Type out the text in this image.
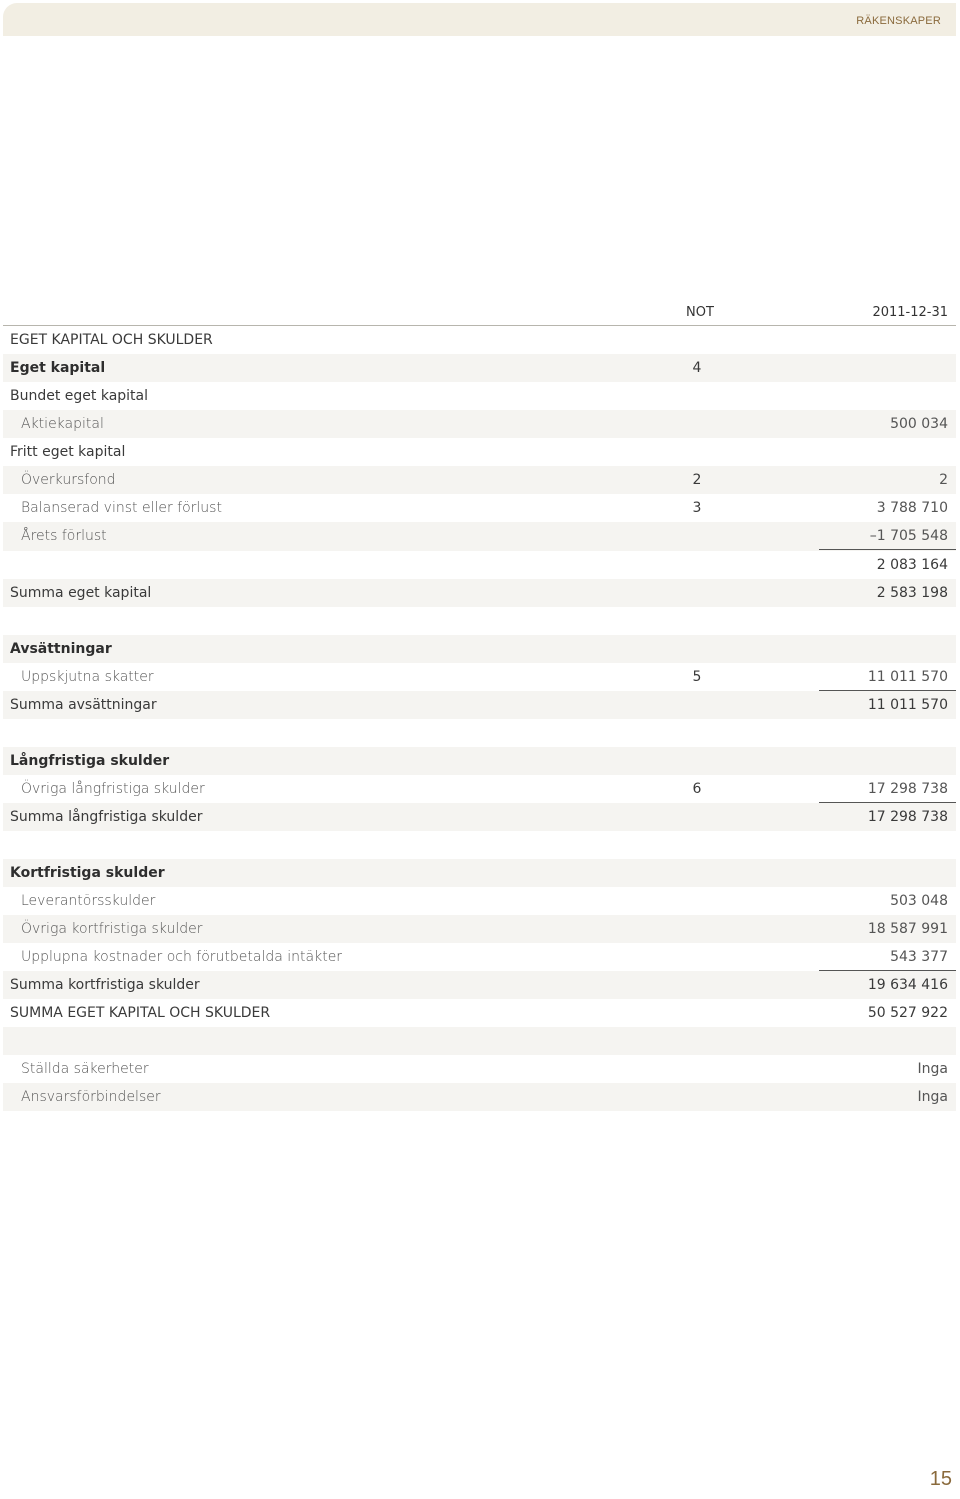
RÄKENSKAPER
NOT	2011-12-31
EGET KAPITAL OCH SKULDER
Eget kapital	4
Bundet eget kapital
Aktiekapital	500 034
Fritt eget kapital
Överkursfond	2	2
Balanserad vinst eller förlust	3	3 788 710
Årets förlust	–1 705 548
2 083 164
Summa eget kapital	2 583 198
Avsättningar
Uppskjutna skatter	5	11 011 570
Summa avsättningar	11 011 570
Långfristiga skulder
Övriga långfristiga skulder	6	17 298 738
Summa långfristiga skulder	17 298 738
Kortfristiga skulder
Leverantörsskulder	503 048
Övriga kortfristiga skulder	18 587 991
Upplupna kostnader och förutbetalda intäkter	543 377
Summa kortfristiga skulder	19 634 416
SUMMA EGET KAPITAL OCH SKULDER	50 527 922
Ställda säkerheter	Inga
Ansvarsförbindelser	Inga
15
